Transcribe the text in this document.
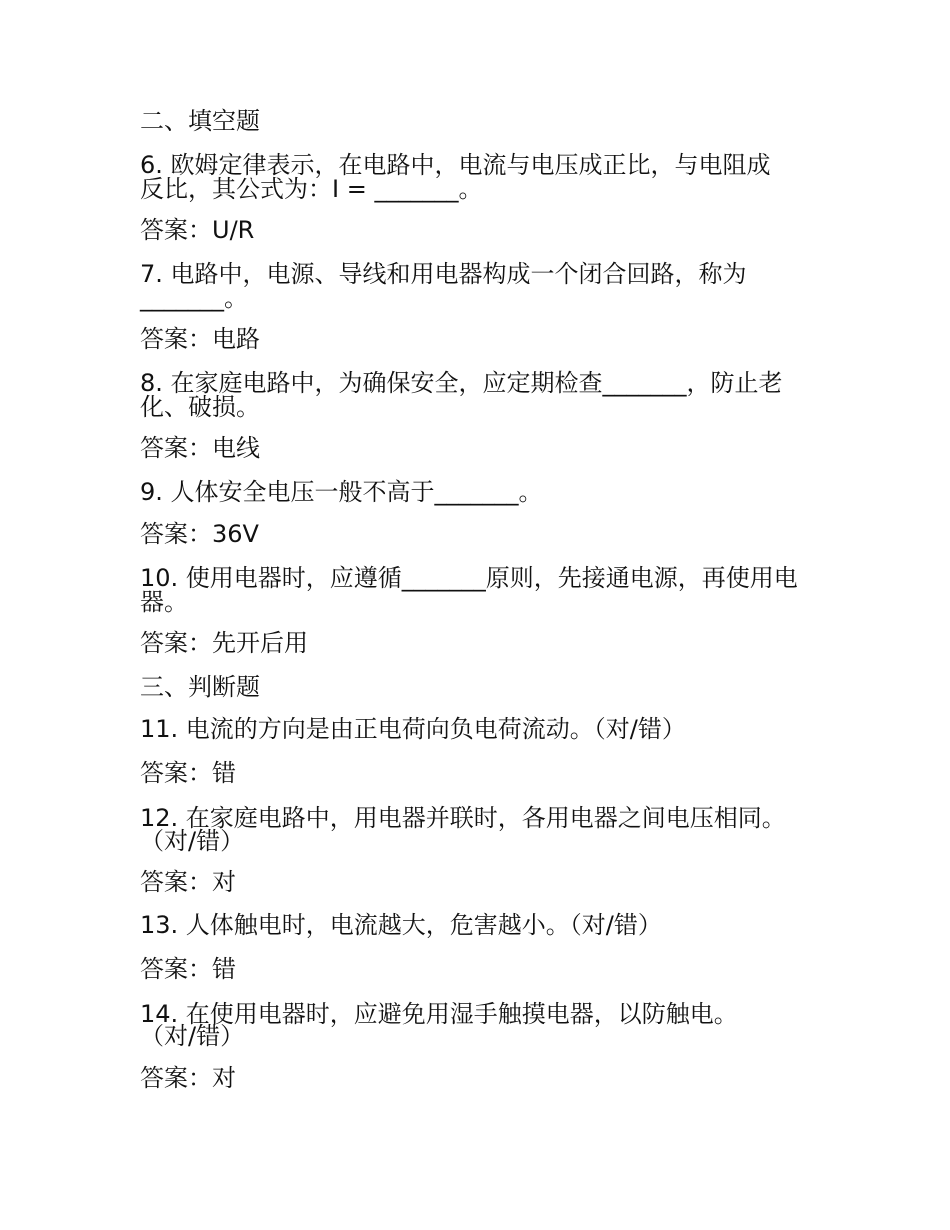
二、填空题

6. 欧姆定律表示，在电路中，电流与电压成正比，与电阻成

反比，其公式为：I = _______。

答案：U/R

7. 电路中，电源、导线和用电器构成一个闭合回路，称为

_______。

答案：电路

8. 在家庭电路中，为确保安全，应定期检查_______，防止老

化、破损。

答案：电线

9. 人体安全电压一般不高于_______。

答案：36V

10. 使用电器时，应遵循_______原则，先接通电源，再使用电

器。

答案：先开后用

三、判断题

11. 电流的方向是由正电荷向负电荷流动。（对/错）

答案：错

12. 在家庭电路中，用电器并联时，各用电器之间电压相同。

（对/错）

答案：对

13. 人体触电时，电流越大，危害越小。（对/错）

答案：错

14. 在使用电器时，应避免用湿手触摸电器，以防触电。

（对/错）

答案：对
